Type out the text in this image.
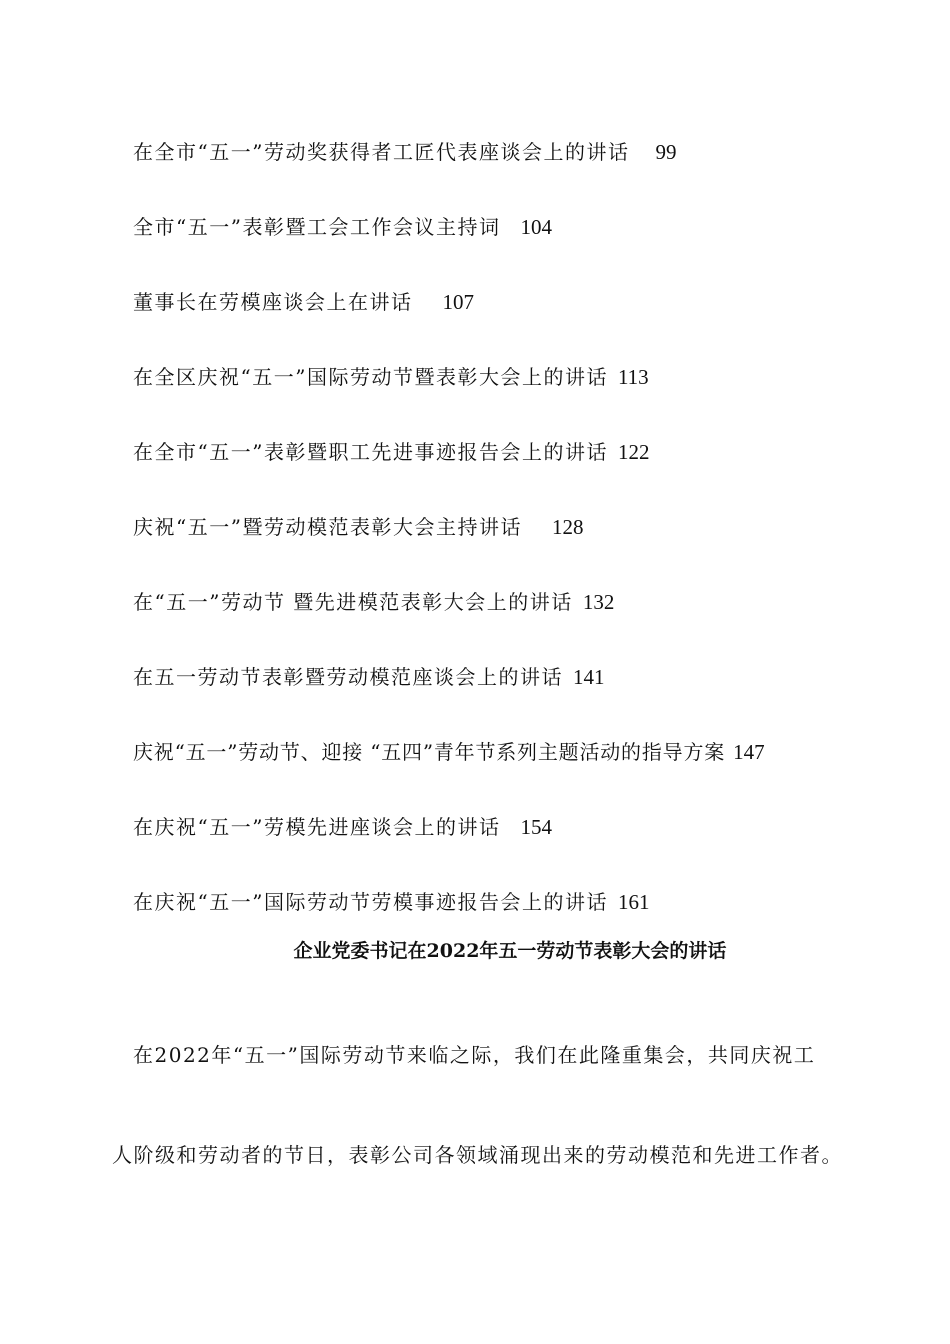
在全市“五一”劳动奖获得者工匠代表座谈会上的讲话 99
全市“五一”表彰暨工会工作会议主持词 104
董事长在劳模座谈会上在讲话 107
在全区庆祝“五一”国际劳动节暨表彰大会上的讲话 113
在全市“五一”表彰暨职工先进事迹报告会上的讲话 122
庆祝“五一”暨劳动模范表彰大会主持讲话 128
在“五一”劳动节 暨先进模范表彰大会上的讲话 132
在五一劳动节表彰暨劳动模范座谈会上的讲话 141
庆祝“五一”劳动节、迎接 “五四”青年节系列主题活动的指导方案 147
在庆祝“五一”劳模先进座谈会上的讲话 154
在庆祝“五一”国际劳动节劳模事迹报告会上的讲话 161
企业党委书记在2022年五一劳动节表彰大会的讲话
在2022年“五一”国际劳动节来临之际，我们在此隆重集会，共同庆祝工
人阶级和劳动者的节日，表彰公司各领域涌现出来的劳动模范和先进工作者。
